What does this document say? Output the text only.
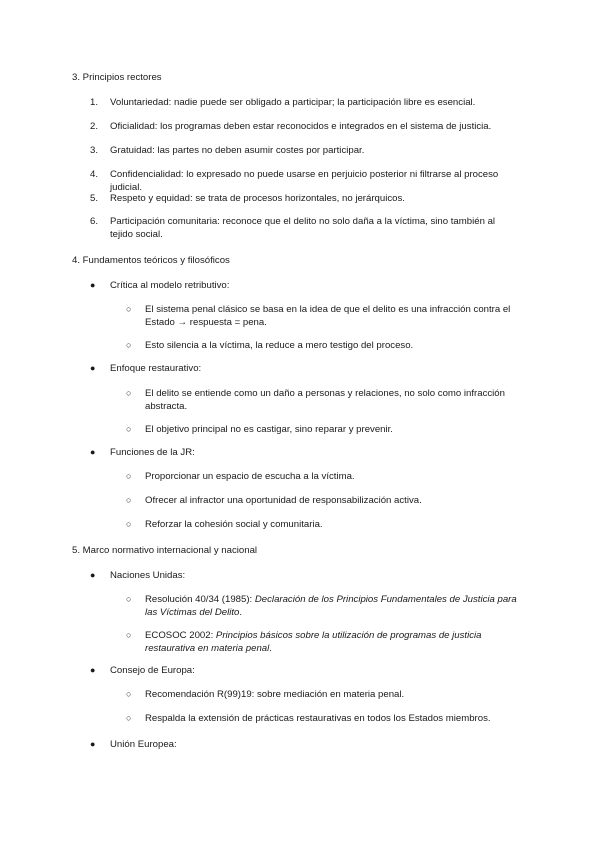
3. Principios rectores
1.	Voluntariedad: nadie puede ser obligado a participar; la participación libre es esencial.
2.	Oficialidad: los programas deben estar reconocidos e integrados en el sistema de justicia.
3.	Gratuidad: las partes no deben asumir costes por participar.
4.	Confidencialidad: lo expresado no puede usarse en perjuicio posterior ni filtrarse al proceso judicial.
5.	Respeto y equidad: se trata de procesos horizontales, no jerárquicos.
6.	Participación comunitaria: reconoce que el delito no solo daña a la víctima, sino también al tejido social.
4. Fundamentos teóricos y filosóficos
● Crítica al modelo retributivo:
○ El sistema penal clásico se basa en la idea de que el delito es una infracción contra el Estado → respuesta = pena.
○ Esto silencia a la víctima, la reduce a mero testigo del proceso.
● Enfoque restaurativo:
○ El delito se entiende como un daño a personas y relaciones, no solo como infracción abstracta.
○ El objetivo principal no es castigar, sino reparar y prevenir.
● Funciones de la JR:
○ Proporcionar un espacio de escucha a la víctima.
○ Ofrecer al infractor una oportunidad de responsabilización activa.
○ Reforzar la cohesión social y comunitaria.
5. Marco normativo internacional y nacional
● Naciones Unidas:
○ Resolución 40/34 (1985): Declaración de los Principios Fundamentales de Justicia para las Víctimas del Delito.
○ ECOSOC 2002: Principios básicos sobre la utilización de programas de justicia restaurativa en materia penal.
● Consejo de Europa:
○ Recomendación R(99)19: sobre mediación en materia penal.
○ Respalda la extensión de prácticas restaurativas en todos los Estados miembros.
● Unión Europea:
